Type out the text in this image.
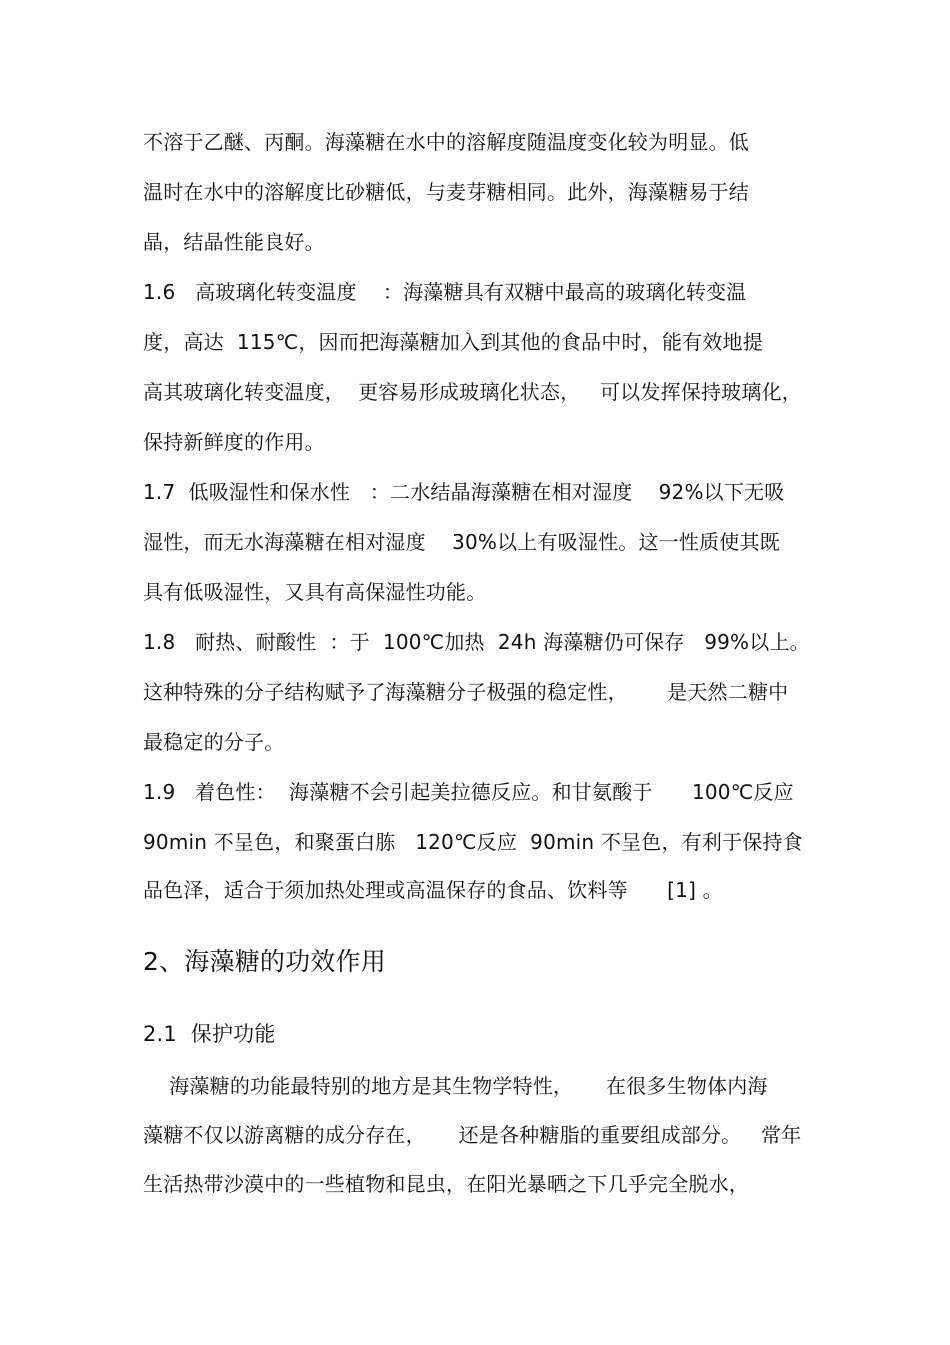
不溶于乙醚、丙酮。海藻糖在水中的溶解度随温度变化较为明显。低

温时在水中的溶解度比砂糖低，与麦芽糖相同。此外，海藻糖易于结

晶，结晶性能良好。

1.6   高玻璃化转变温度    ：海藻糖具有双糖中最高的玻璃化转变温

度，高达  115℃，因而把海藻糖加入到其他的食品中时，能有效地提

高其玻璃化转变温度，  更容易形成玻璃化状态，   可以发挥保持玻璃化，

保持新鲜度的作用。

1.7  低吸湿性和保水性   ：二水结晶海藻糖在相对湿度    92%以下无吸

湿性，而无水海藻糖在相对湿度    30%以上有吸湿性。这一性质使其既

具有低吸湿性，又具有高保湿性功能。

1.8   耐热、耐酸性  ：于  100℃加热  24h 海藻糖仍可保存   99%以上。

这种特殊的分子结构赋予了海藻糖分子极强的稳定性，      是天然二糖中

最稳定的分子。

1.9   着色性：  海藻糖不会引起美拉德反应。和甘氨酸于      100℃反应

90min 不呈色，和聚蛋白胨   120℃反应  90min 不呈色，有利于保持食

品色泽，适合于须加热处理或高温保存的食品、饮料等      [1] 。

2、海藻糖的功效作用

2.1  保护功能

海藻糖的功能最特别的地方是其生物学特性，     在很多生物体内海

藻糖不仅以游离糖的成分存在，     还是各种糖脂的重要组成部分。   常年

生活热带沙漠中的一些植物和昆虫，在阳光暴晒之下几乎完全脱水，
